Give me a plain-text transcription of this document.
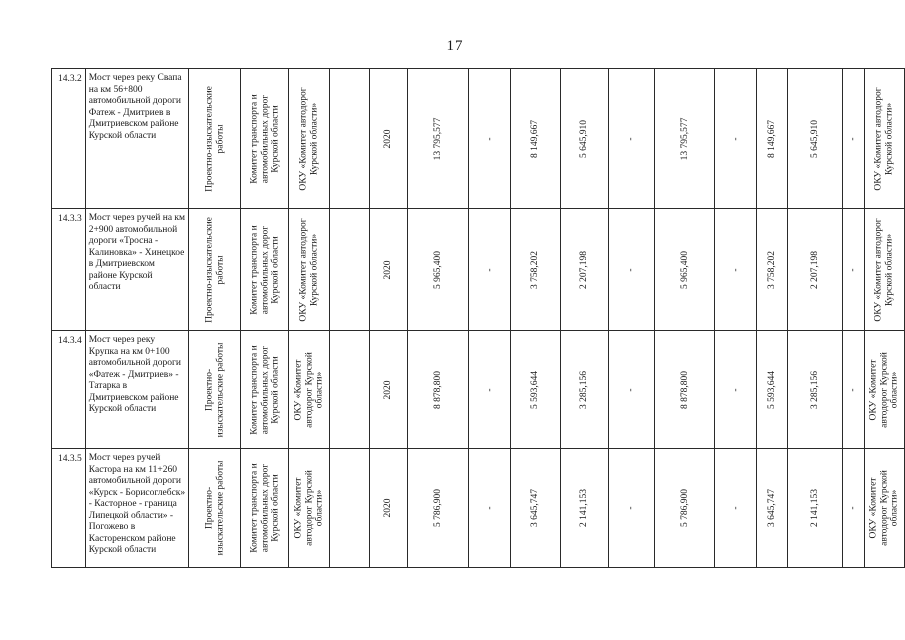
17
14.3.2	Мост через реку Свапа на км 56+800 автомобильной дороги Фатеж - Дмитриев в Дмитриевском районе Курской области	Проектно-изыскательские работы	Комитет транспорта и автомобильных дорог Курской области	ОКУ «Комитет автодорог Курской области»		2020	13 795,577	-	8 149,667	5 645,910	-	13 795,577	-	8 149,667	5 645,910	-	ОКУ «Комитет автодорог Курской области»

14.3.3	Мост через ручей на км 2+900 автомобильной дороги «Тросна - Калиновка» - Хинецкое в Дмитриевском районе Курской области	Проектно-изыскательские работы	Комитет транспорта и автомобильных дорог Курской области	ОКУ «Комитет автодорог Курской области»		2020	5 965,400	-	3 758,202	2 207,198	-	5 965,400	-	3 758,202	2 207,198	-	ОКУ «Комитет автодорог Курской области»

14.3.4	Мост через реку Крупка на км 0+100 автомобильной дороги «Фатеж - Дмитриев» - Татарка в Дмитриевском районе Курской области	Проектно-изыскательские работы	Комитет транспорта и автомобильных дорог Курской области	ОКУ «Комитет автодорог Курской области»		2020	8 878,800	-	5 593,644	3 285,156	-	8 878,800	-	5 593,644	3 285,156	-	ОКУ «Комитет автодорог Курской области»

14.3.5	Мост через ручей Кастора на км 11+260 автомобильной дороги «Курск - Борисоглебск» - Касторное - граница Липецкой области» - Погожево в Касторенском районе Курской области	Проектно-изыскательские работы	Комитет транспорта и автомобильных дорог Курской области	ОКУ «Комитет автодорог Курской области»		2020	5 786,900	-	3 645,747	2 141,153	-	5 786,900	-	3 645,747	2 141,153	-	ОКУ «Комитет автодорог Курской области»
